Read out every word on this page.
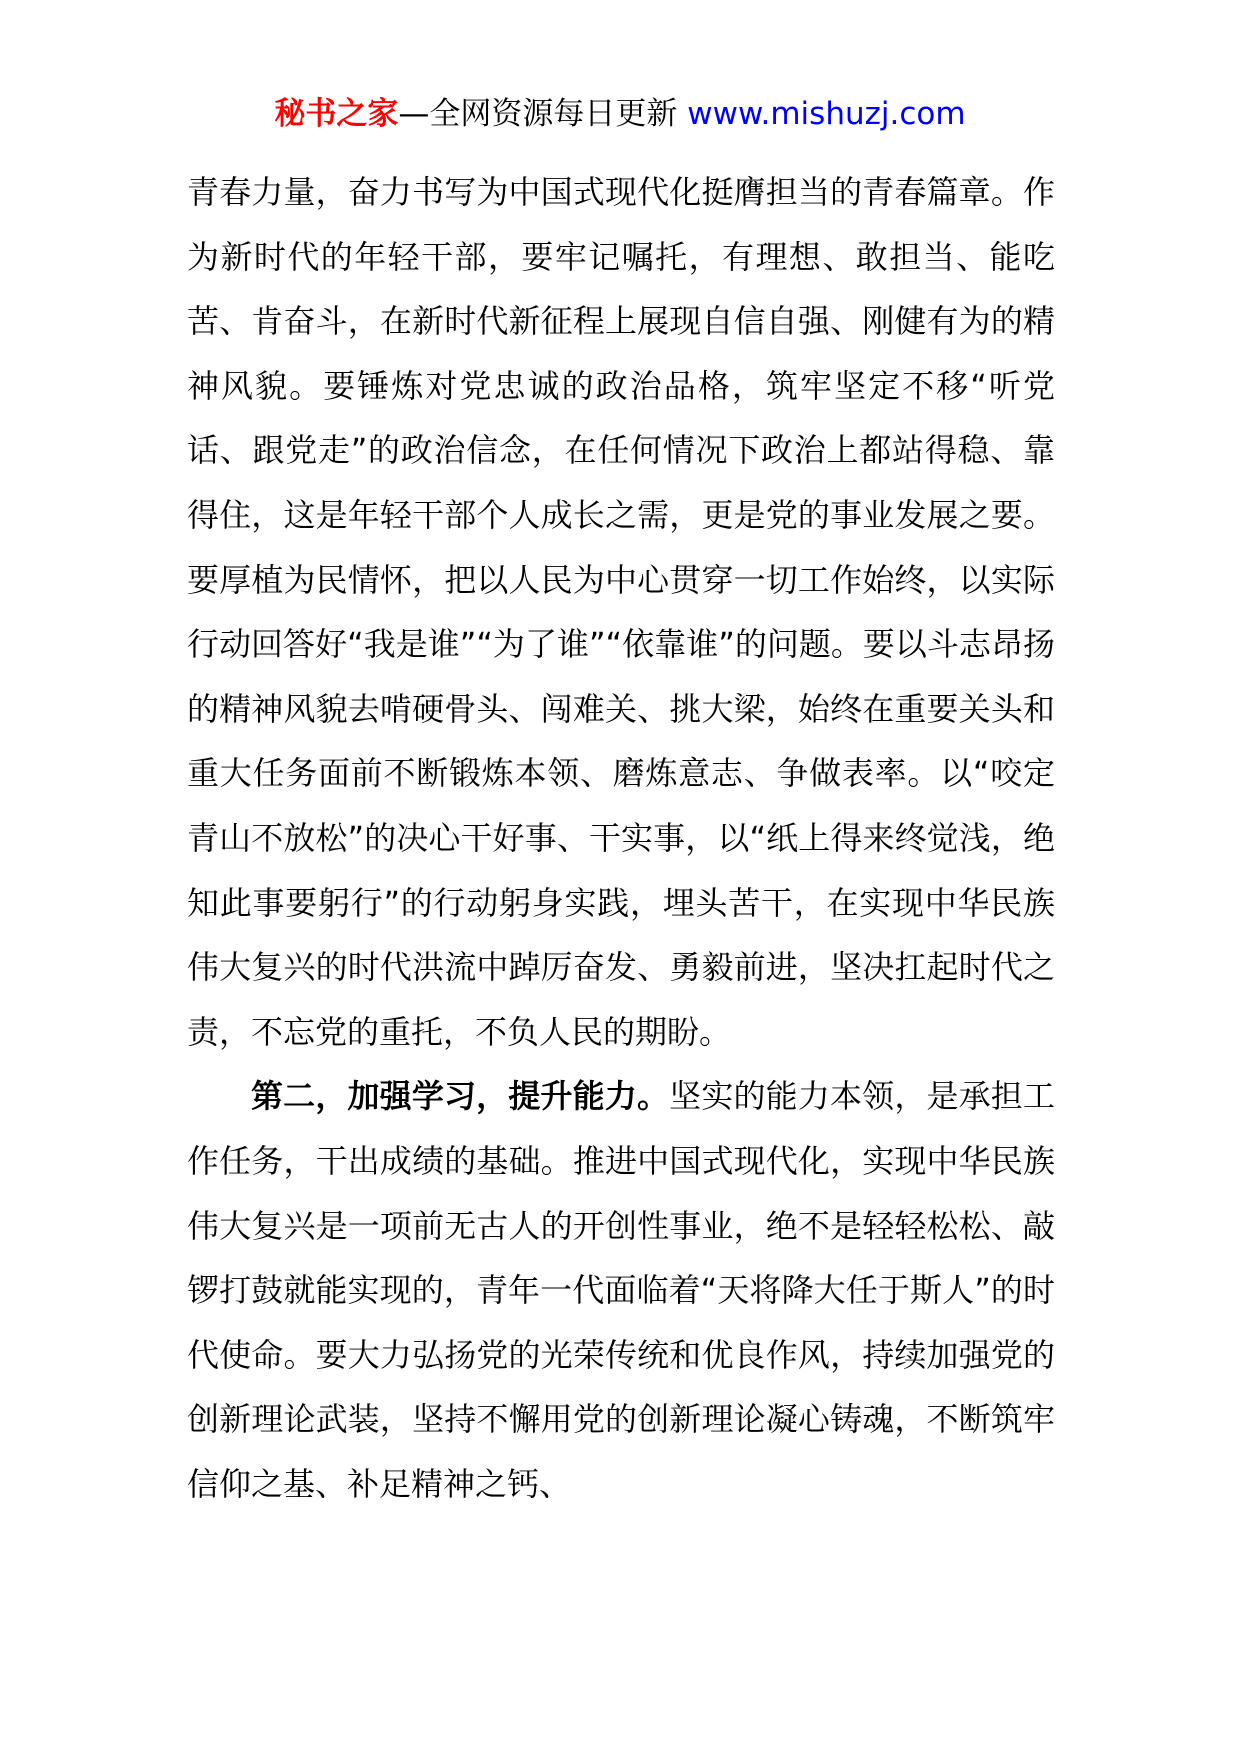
秘书之家—全网资源每日更新 www.mishuzj.com

青春力量，奋力书写为中国式现代化挺膺担当的青春篇章。作为新时代的年轻干部，要牢记嘱托，有理想、敢担当、能吃苦、肯奋斗，在新时代新征程上展现自信自强、刚健有为的精神风貌。要锤炼对党忠诚的政治品格，筑牢坚定不移“听党话、跟党走”的政治信念，在任何情况下政治上都站得稳、靠得住，这是年轻干部个人成长之需，更是党的事业发展之要。要厚植为民情怀，把以人民为中心贯穿一切工作始终，以实际行动回答好“我是谁”“为了谁”“依靠谁”的问题。要以斗志昂扬的精神风貌去啃硬骨头、闯难关、挑大梁，始终在重要关头和重大任务面前不断锻炼本领、磨炼意志、争做表率。以“咬定青山不放松”的决心干好事、干实事，以“纸上得来终觉浅，绝知此事要躬行”的行动躬身实践，埋头苦干，在实现中华民族伟大复兴的时代洪流中踔厉奋发、勇毅前进，坚决扛起时代之责，不忘党的重托，不负人民的期盼。

第二，加强学习，提升能力。坚实的能力本领，是承担工作任务，干出成绩的基础。推进中国式现代化，实现中华民族伟大复兴是一项前无古人的开创性事业，绝不是轻轻松松、敲锣打鼓就能实现的，青年一代面临着“天将降大任于斯人”的时代使命。要大力弘扬党的光荣传统和优良作风，持续加强党的创新理论武装，坚持不懈用党的创新理论凝心铸魂，不断筑牢信仰之基、补足精神之钙、
